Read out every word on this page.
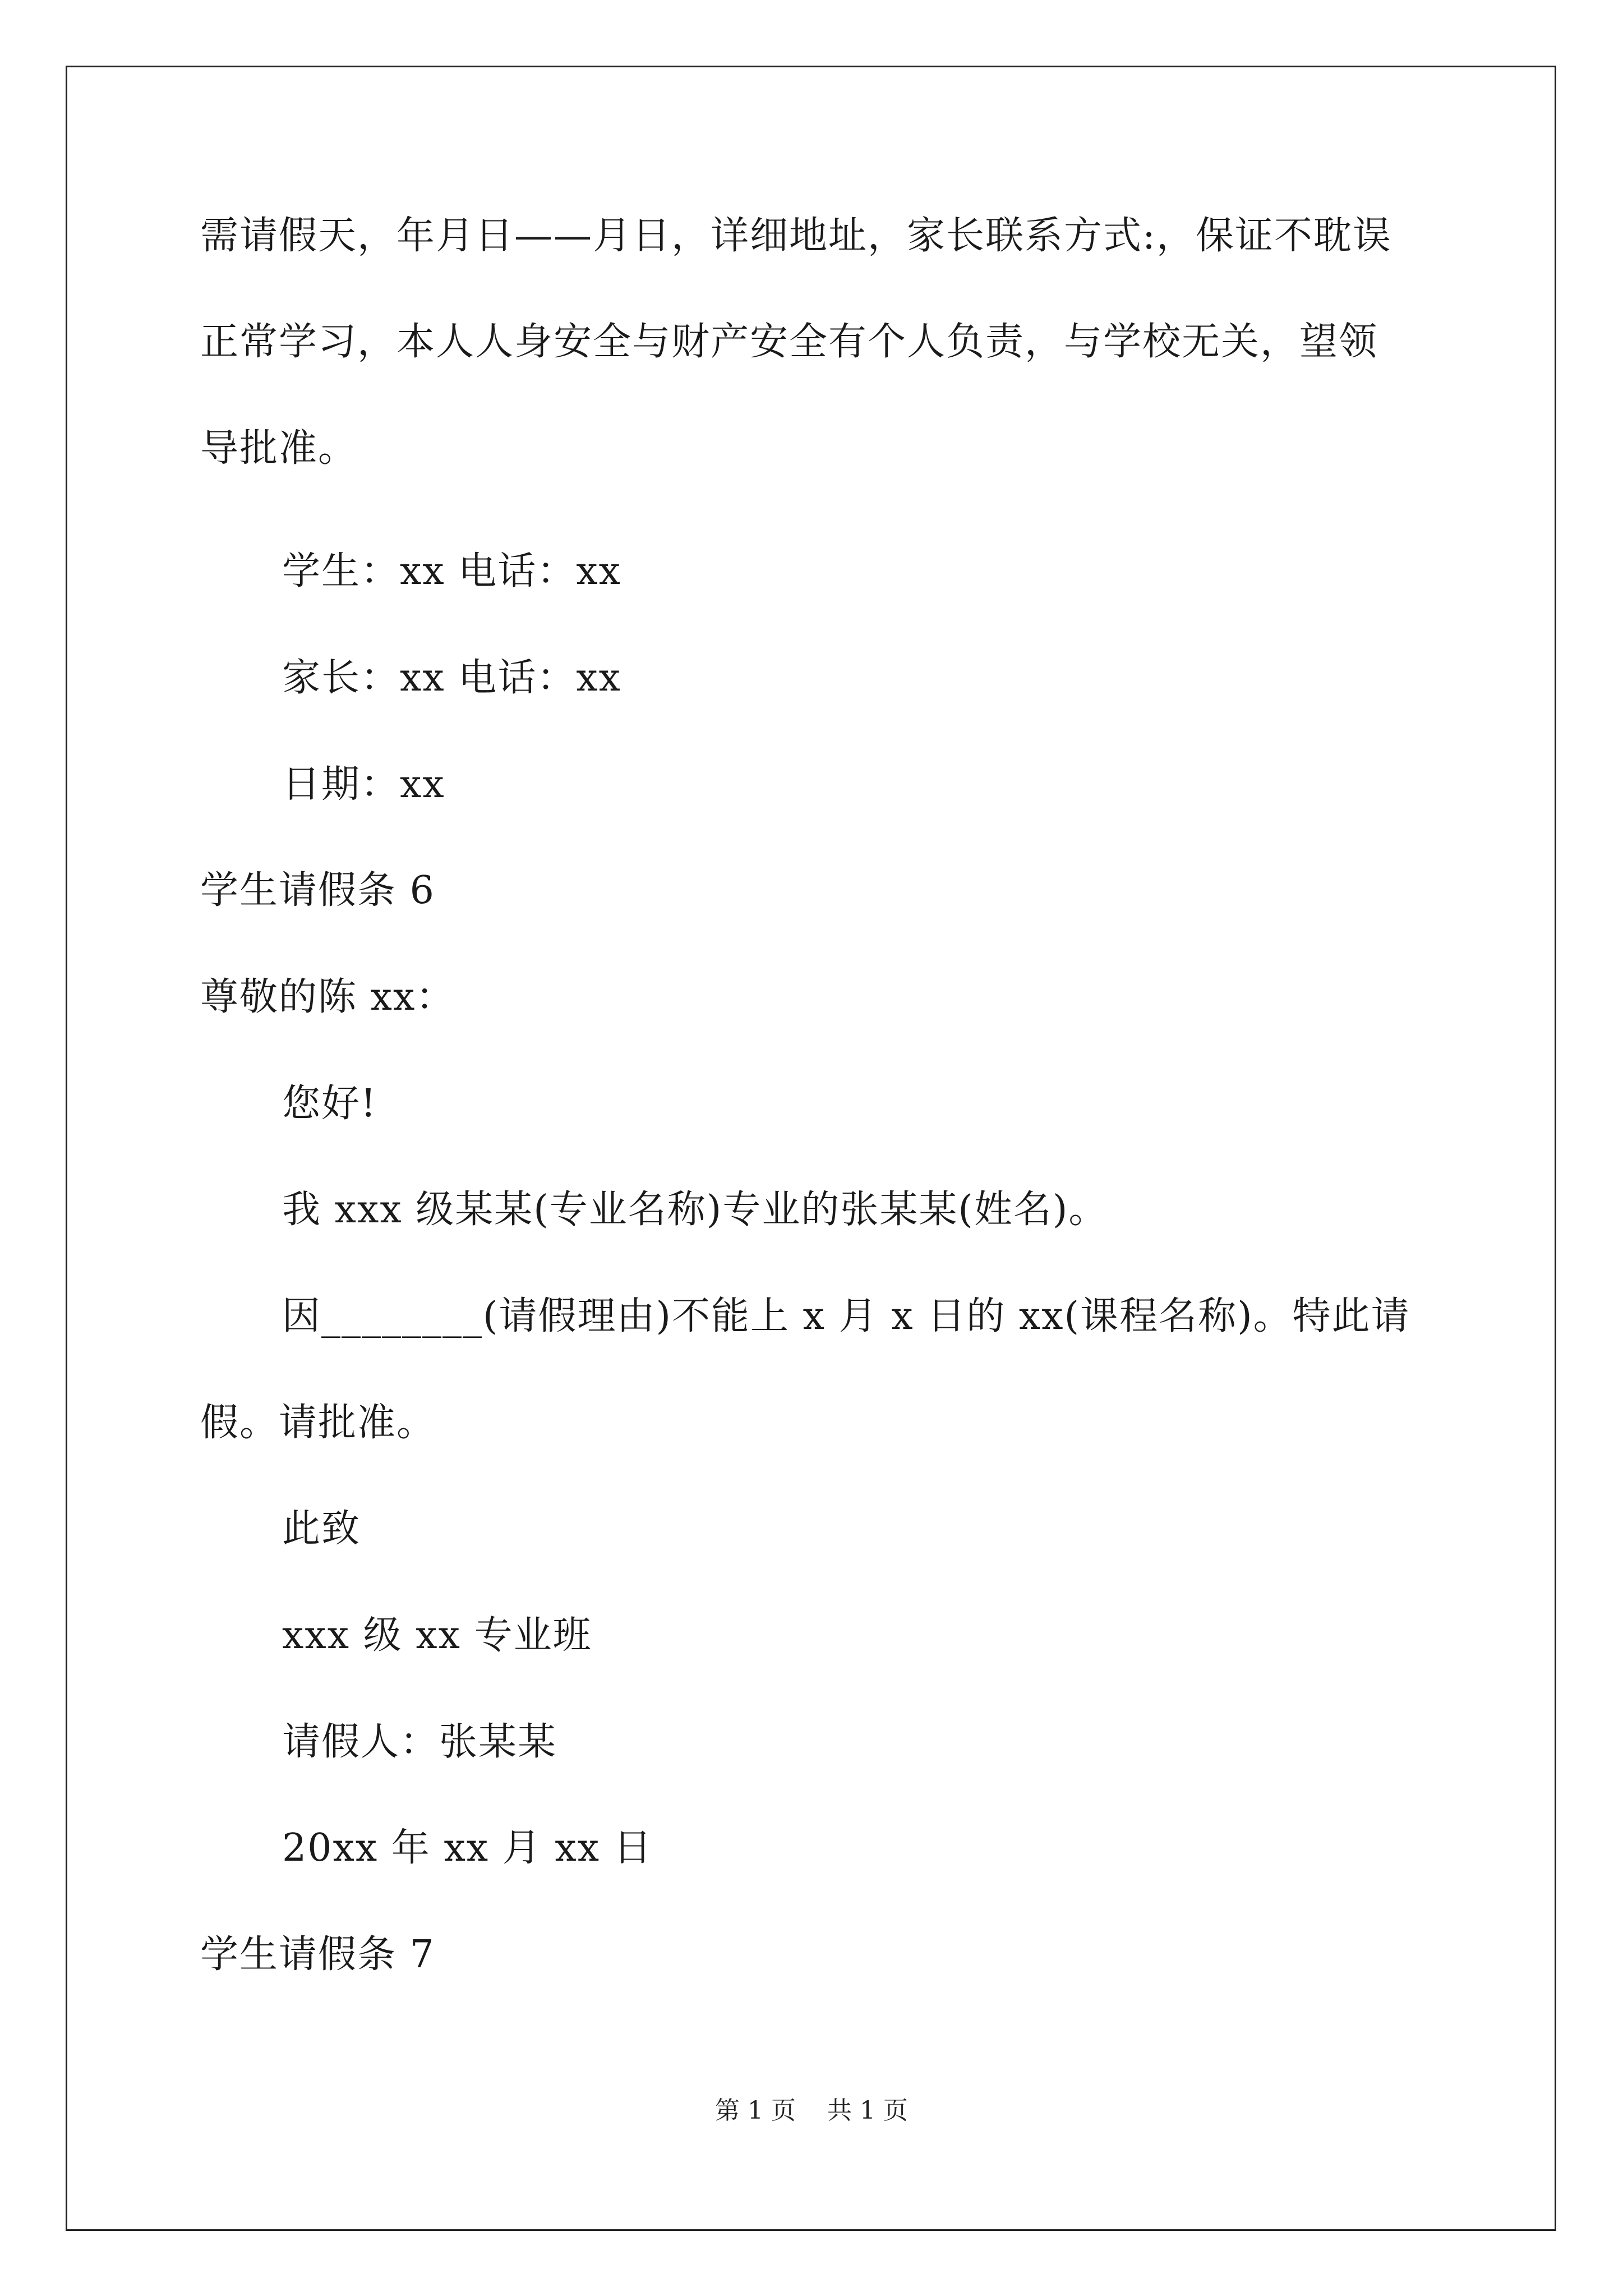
需请假天，年月日——月日，详细地址，家长联系方式:，保证不耽误
正常学习，本人人身安全与财产安全有个人负责，与学校无关，望领
导批准。
学生：xx 电话：xx
家长：xx 电话：xx
日期：xx
学生请假条 6
尊敬的陈 xx：
您好!
我 xxx 级某某(专业名称)专业的张某某(姓名)。
因________(请假理由)不能上 x 月 x 日的 xx(课程名称)。特此请
假。请批准。
此致
xxx 级 xx 专业班
请假人：张某某
20xx 年 xx 月 xx 日
学生请假条 7
第 1 页    共 1 页
